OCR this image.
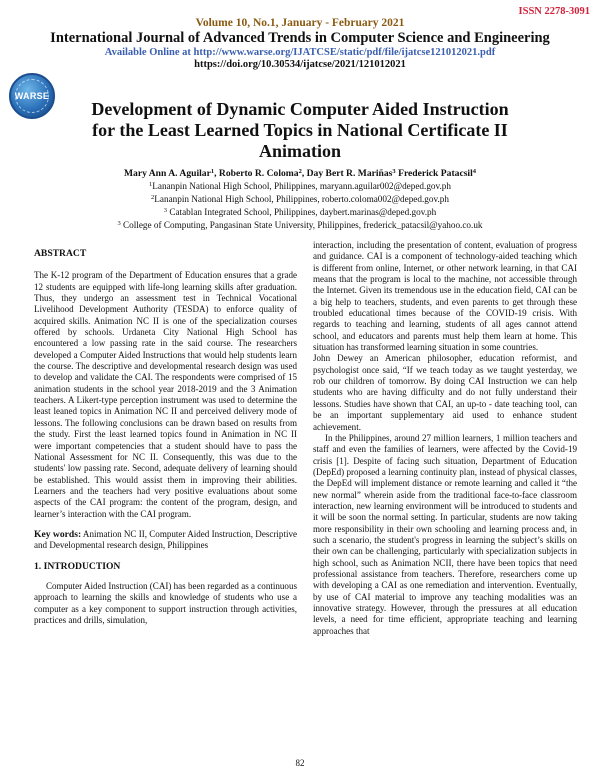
ISSN 2278-3091
Volume 10, No.1, January - February 2021
International Journal of Advanced Trends in Computer Science and Engineering
Available Online at http://www.warse.org/IJATCSE/static/pdf/file/ijatcse121012021.pdf
https://doi.org/10.30534/ijatcse/2021/121012021
WARSE
Development of Dynamic Computer Aided Instruction
for the Least Learned Topics in National Certificate II
Animation
Mary Ann A. Aguilar$^1$, Roberto R. Coloma$^2$, Day Bert R. Mariñas$^3$ Frederick Patacsil$^4$
$^1$Lananpin National High School, Philippines, maryann.aguilar002@deped.gov.ph
$^2$Lananpin National High School, Philippines, roberto.coloma002@deped.gov.ph
$^3$ Catablan Integrated School, Philippines, daybert.marinas@deped.gov.ph
$^3$ College of Computing, Pangasinan State University, Philippines, frederick_patacsil@yahoo.co.uk

ABSTRACT

The K-12 program of the Department of Education ensures that a grade 12 students are equipped with life-long learning skills after graduation. Thus, they undergo an assessment test in Technical Vocational Livelihood Development Authority (TESDA) to enforce quality of acquired skills. Animation NC II is one of the specialization courses offered by schools. Urdaneta City National High School has encountered a low passing rate in the said course. The researchers developed a Computer Aided Instructions that would help students learn the course. The descriptive and developmental research design was used to develop and validate the CAI. The respondents were comprised of 15 animation students in the school year 2018-2019 and the 3 Animation teachers. A Likert-type perception instrument was used to determine the least leaned topics in Animation NC II and perceived delivery mode of lessons. The following conclusions can be drawn based on results from the study. First the least learned topics found in Animation in NC II were important competencies that a student should have to pass the National Assessment for NC II. Consequently, this was due to the students' low passing rate. Second, adequate delivery of learning should be established. This would assist them in improving their abilities. Learners and the teachers had very positive evaluations about some aspects of the CAI program: the content of the program, design, and learner’s interaction with the CAI program.

Key words: Animation NC II, Computer Aided Instruction, Descriptive and Developmental research design, Philippines

1. INTRODUCTION

Computer Aided Instruction (CAI) has been regarded as a continuous approach to learning the skills and knowledge of students who use a computer as a key component to support instruction through activities, practices and drills, simulation,

interaction, including the presentation of content, evaluation of progress and guidance. CAI is a component of technology-aided teaching which is different from online, Internet, or other network learning, in that CAI means that the program is local to the machine, not accessible through the Internet. Given its tremendous use in the education field, CAI can be a big help to teachers, students, and even parents to get through these troubled educational times because of the COVID-19 crisis. With regards to teaching and learning, students of all ages cannot attend school, and educators and parents must help them learn at home. This situation has transformed learning situation in some countries.

John Dewey an American philosopher, education reformist, and psychologist once said, “If we teach today as we taught yesterday, we rob our children of tomorrow. By doing CAI Instruction we can help students who are having difficulty and do not fully understand their lessons. Studies have shown that CAI, an up-to - date teaching tool, can be an important supplementary aid used to enhance student achievement.

In the Philippines, around 27 million learners, 1 million teachers and staff and even the families of learners, were affected by the Covid-19 crisis [1]. Despite of facing such situation, Department of Education (DepEd) proposed a learning continuity plan, instead of physical classes, the DepEd will implement distance or remote learning and called it “the new normal” wherein aside from the traditional face-to-face classroom interaction, new learning environment will be introduced to students and it will be soon the normal setting. In particular, students are now taking more responsibility in their own schooling and learning process and, in such a scenario, the student's progress in learning the subject’s skills on their own can be challenging, particularly with specialization subjects in high school, such as Animation NCII, there have been topics that need professional assistance from teachers. Therefore, researchers come up with developing a CAI as one remediation and intervention. Eventually, by use of CAI material to improve any teaching modalities was an innovative strategy. However, through the pressures at all education levels, a need for time efficient, appropriate teaching and learning approaches that

82
